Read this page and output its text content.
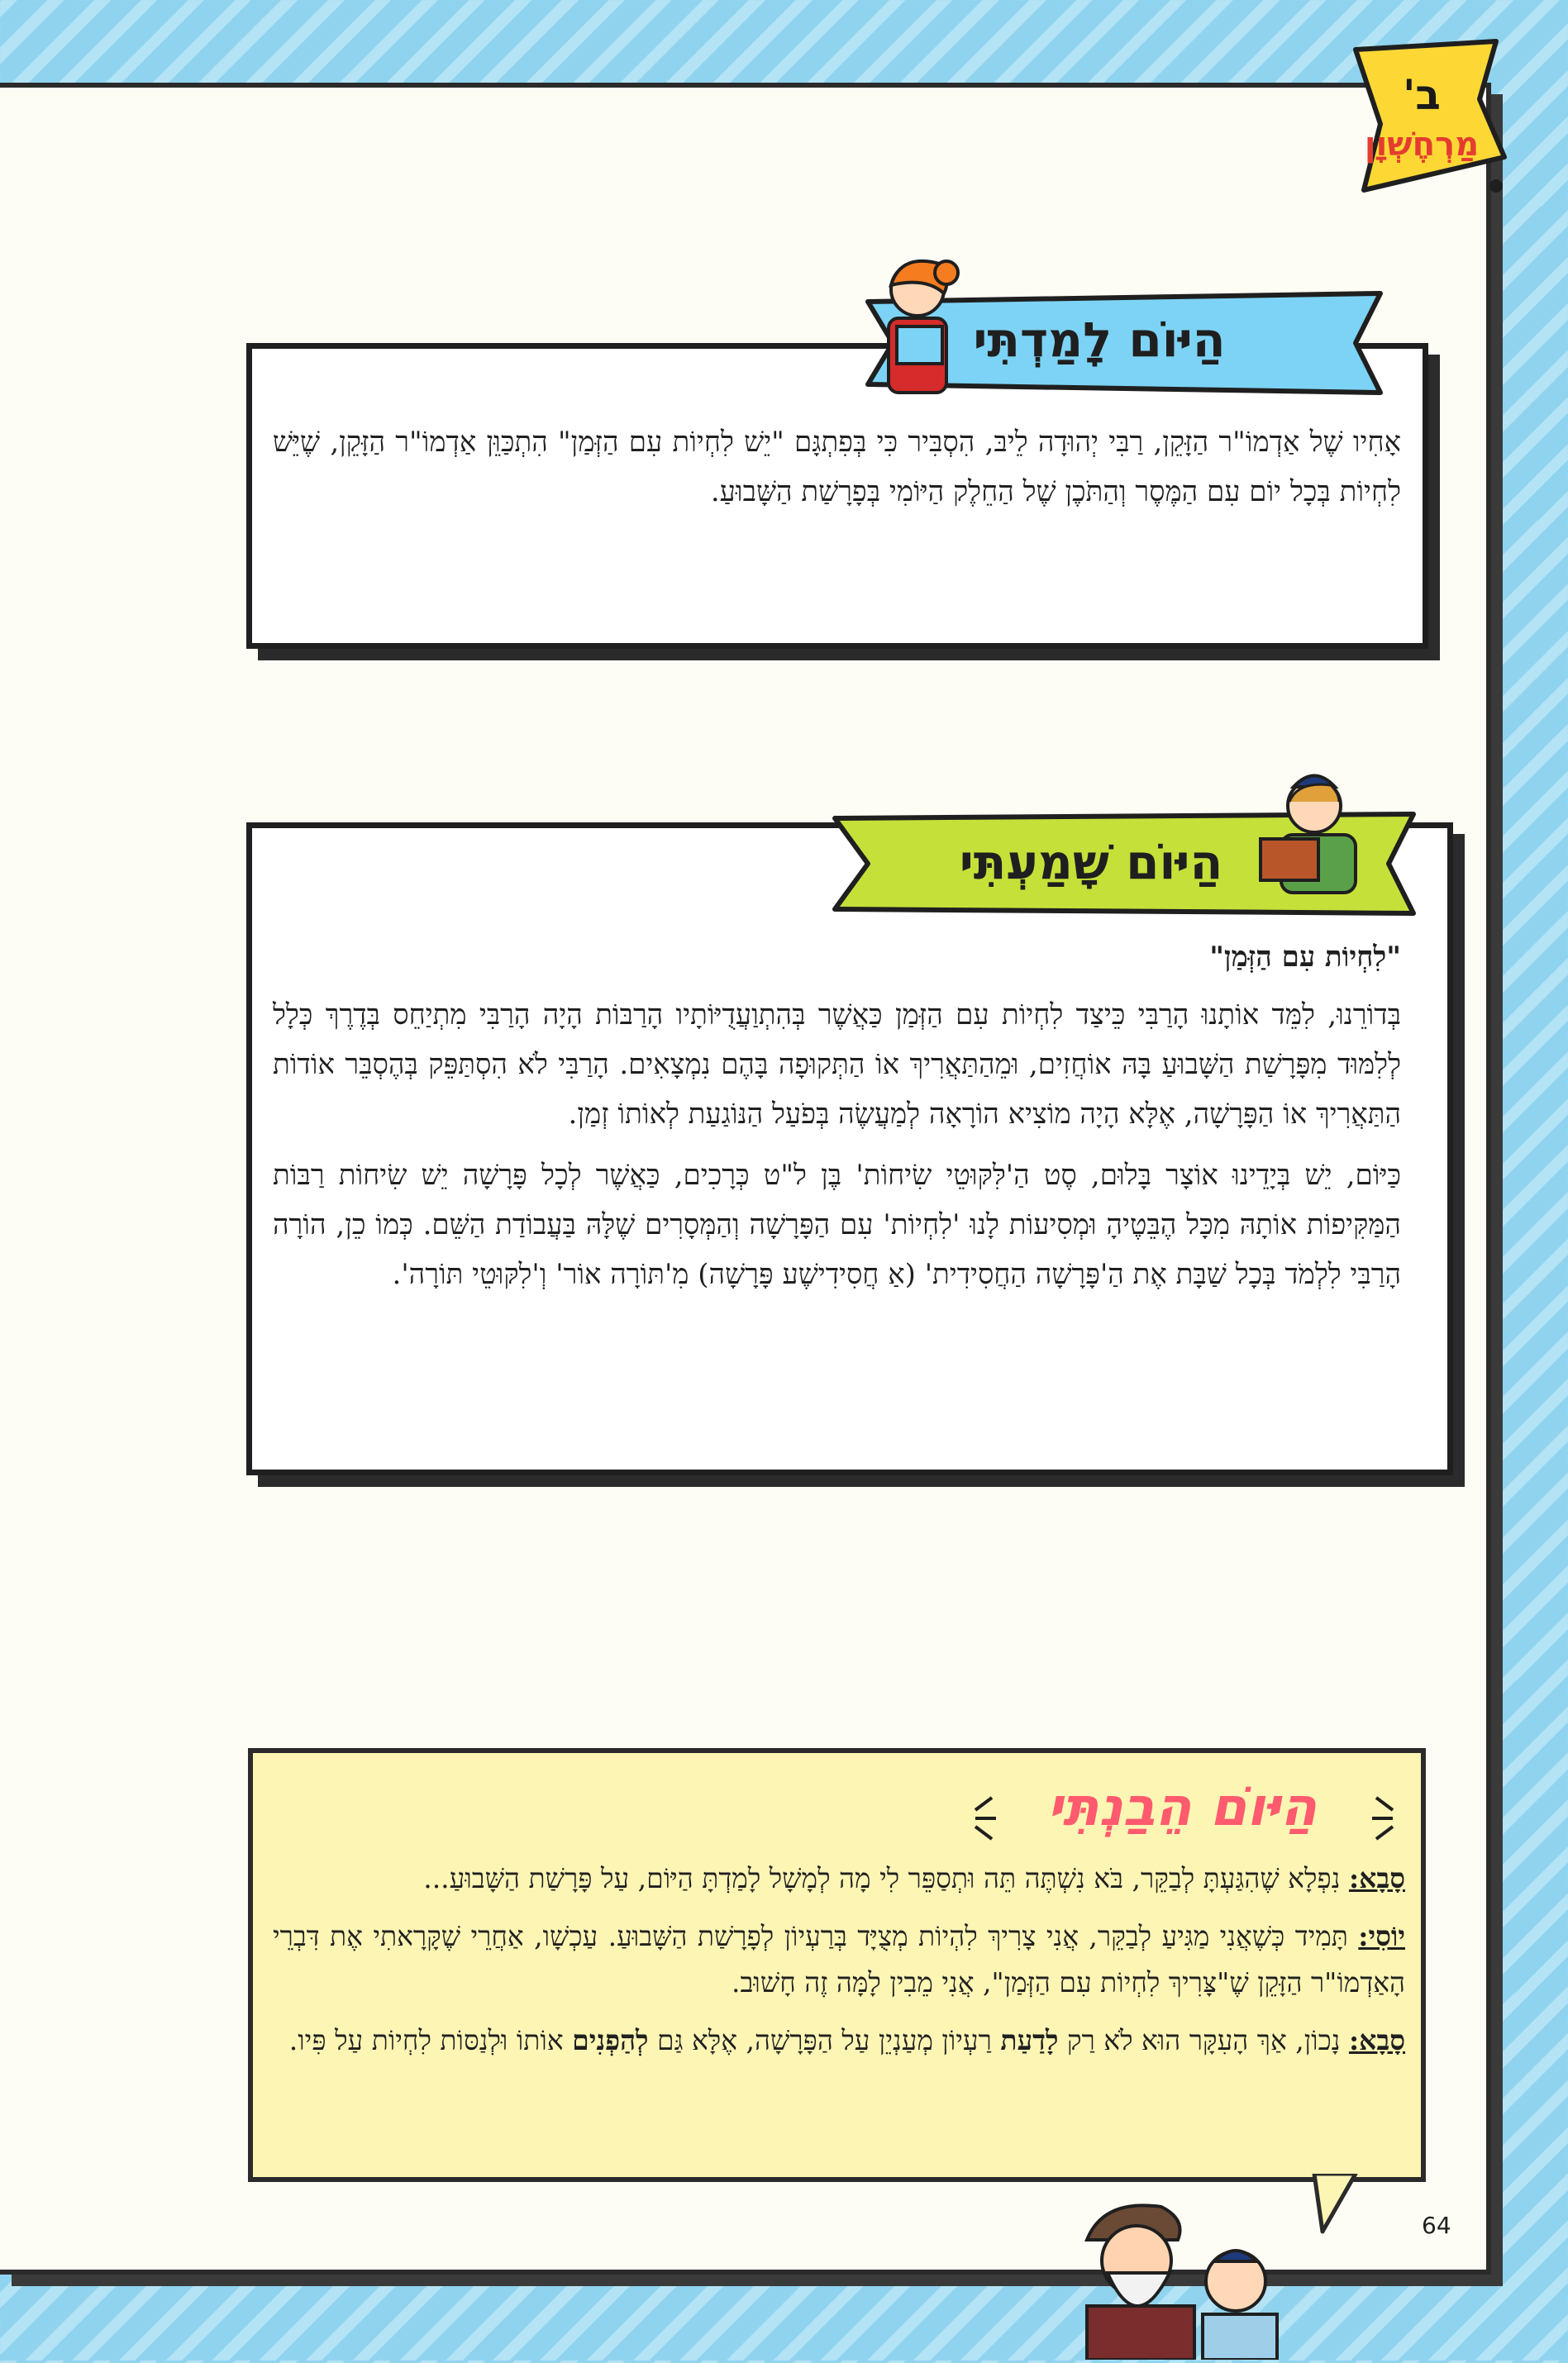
ב'
מַרְחֶשְׁוָן
הַיּוֹם לָמַדְתִּי

אָחִיו שֶׁל אַדְמוֹ"ר הַזָּקֵן, רַבִּי יְהוּדָה לֵיבּ, הִסְבִּיר כִּי בְּפִתְגָּם "יֵשׁ לִחְיוֹת עִם הַזְּמַן" הִתְכַּוֵּן אַדְמוֹ"ר הַזָּקֵן, שֶׁיֵּשׁ לִחְיוֹת בְּכָל יוֹם עִם הַמֶּסֶר וְהַתֹּכֶן שֶׁל הַחֵלֶק הַיּוֹמִי בְּפָרָשַׁת הַשָּׁבוּעַ.

הַיּוֹם שָׁמַעְתִּי

"לִחְיוֹת עִם הַזְּמַן"

בְּדוֹרֵנוּ, לִמֵּד אוֹתָנוּ הָרַבִּי כֵּיצַד לִחְיוֹת עִם הַזְּמַן כַּאֲשֶׁר בְּהִתְוַעֲדֻיּוֹתָיו הָרַבּוֹת הָיָה הָרַבִּי מִתְיַחֵס בְּדֶרֶךְ כְּלָל לְלִמּוּד מִפָּרָשַׁת הַשָּׁבוּעַ בָּהּ אוֹחֲזִים, וּמֵהַתַּאֲרִיךְ אוֹ הַתְּקוּפָה בָּהֶם נִמְצָאִים. הָרַבִּי לֹא הִסְתַּפֵּק בְּהֶסְבֵּר אוֹדוֹת הַתַּאֲרִיךְ אוֹ הַפָּרָשָׁה, אֶלָּא הָיָה מוֹצִיא הוֹרָאָה לְמַעֲשֶׂה בְּפֹעַל הַנּוֹגַעַת לְאוֹתוֹ זְמַן.

כַּיּוֹם, יֵשׁ בְּיָדֵינוּ אוֹצָר בָּלוּם, סֶט הַ'לִּקּוּטֵי שִׂיחוֹת' בֶּן ל"ט כְּרָכִים, כַּאֲשֶׁר לְכָל פָּרָשָׁה יֵשׁ שִׂיחוֹת רַבּוֹת הַמַּקִּיפוֹת אוֹתָהּ מִכָּל הֶבֵּטֶיהָ וּמְסִיעוֹת לָנוּ 'לִחְיוֹת' עִם הַפָּרָשָׁה וְהַמְּסָרִים שֶׁלָּהּ בַּעֲבוֹדַת הַשֵּׁם. כְּמוֹ כֵן, הוֹרָה הָרַבִּי לִלְמֹד בְּכָל שַׁבָּת אֶת הַ'פָּרָשָׁה הַחֲסִידִית' (אַ חֲסִידִישֶׁע פָּרָשָׁה) מִ'תּוֹרָה אוֹר' וְ'לִקּוּטֵי תּוֹרָה'.

הַיּוֹם הֵבַנְתִּי

סָבָא: נִפְלָא שֶׁהִגַּעְתָּ לְבַקֵּר, בֹּא נִשְׁתֶּה תֵּה וּתְסַפֵּר לִי מָה לְמָשָׁל לָמַדְתָּ הַיּוֹם, עַל פָּרָשַׁת הַשָּׁבוּעַ...

יוֹסִי: תָּמִיד כְּשֶׁאֲנִי מַגִּיעַ לְבַקֵּר, אֲנִי צָרִיךְ לִהְיוֹת מְצֻיָּד בְּרַעְיוֹן לְפָרָשַׁת הַשָּׁבוּעַ. עַכְשָׁו, אַחֲרֵי שֶׁקָּרָאתִי אֶת דִּבְרֵי הָאַדְמוֹ"ר הַזָּקֵן שֶׁ"צָּרִיךְ לִחְיוֹת עִם הַזְּמַן", אֲנִי מֵבִין לָמָּה זֶה חָשׁוּב.

סָבָא: נָכוֹן, אַךְ הָעִקָּר הוּא לֹא רַק לָדַעַת רַעְיוֹן מְעַנְיֵן עַל הַפָּרָשָׁה, אֶלָּא גַּם לְהַפְנִים אוֹתוֹ וּלְנַסּוֹת לִחְיוֹת עַל פִּיו.

64
